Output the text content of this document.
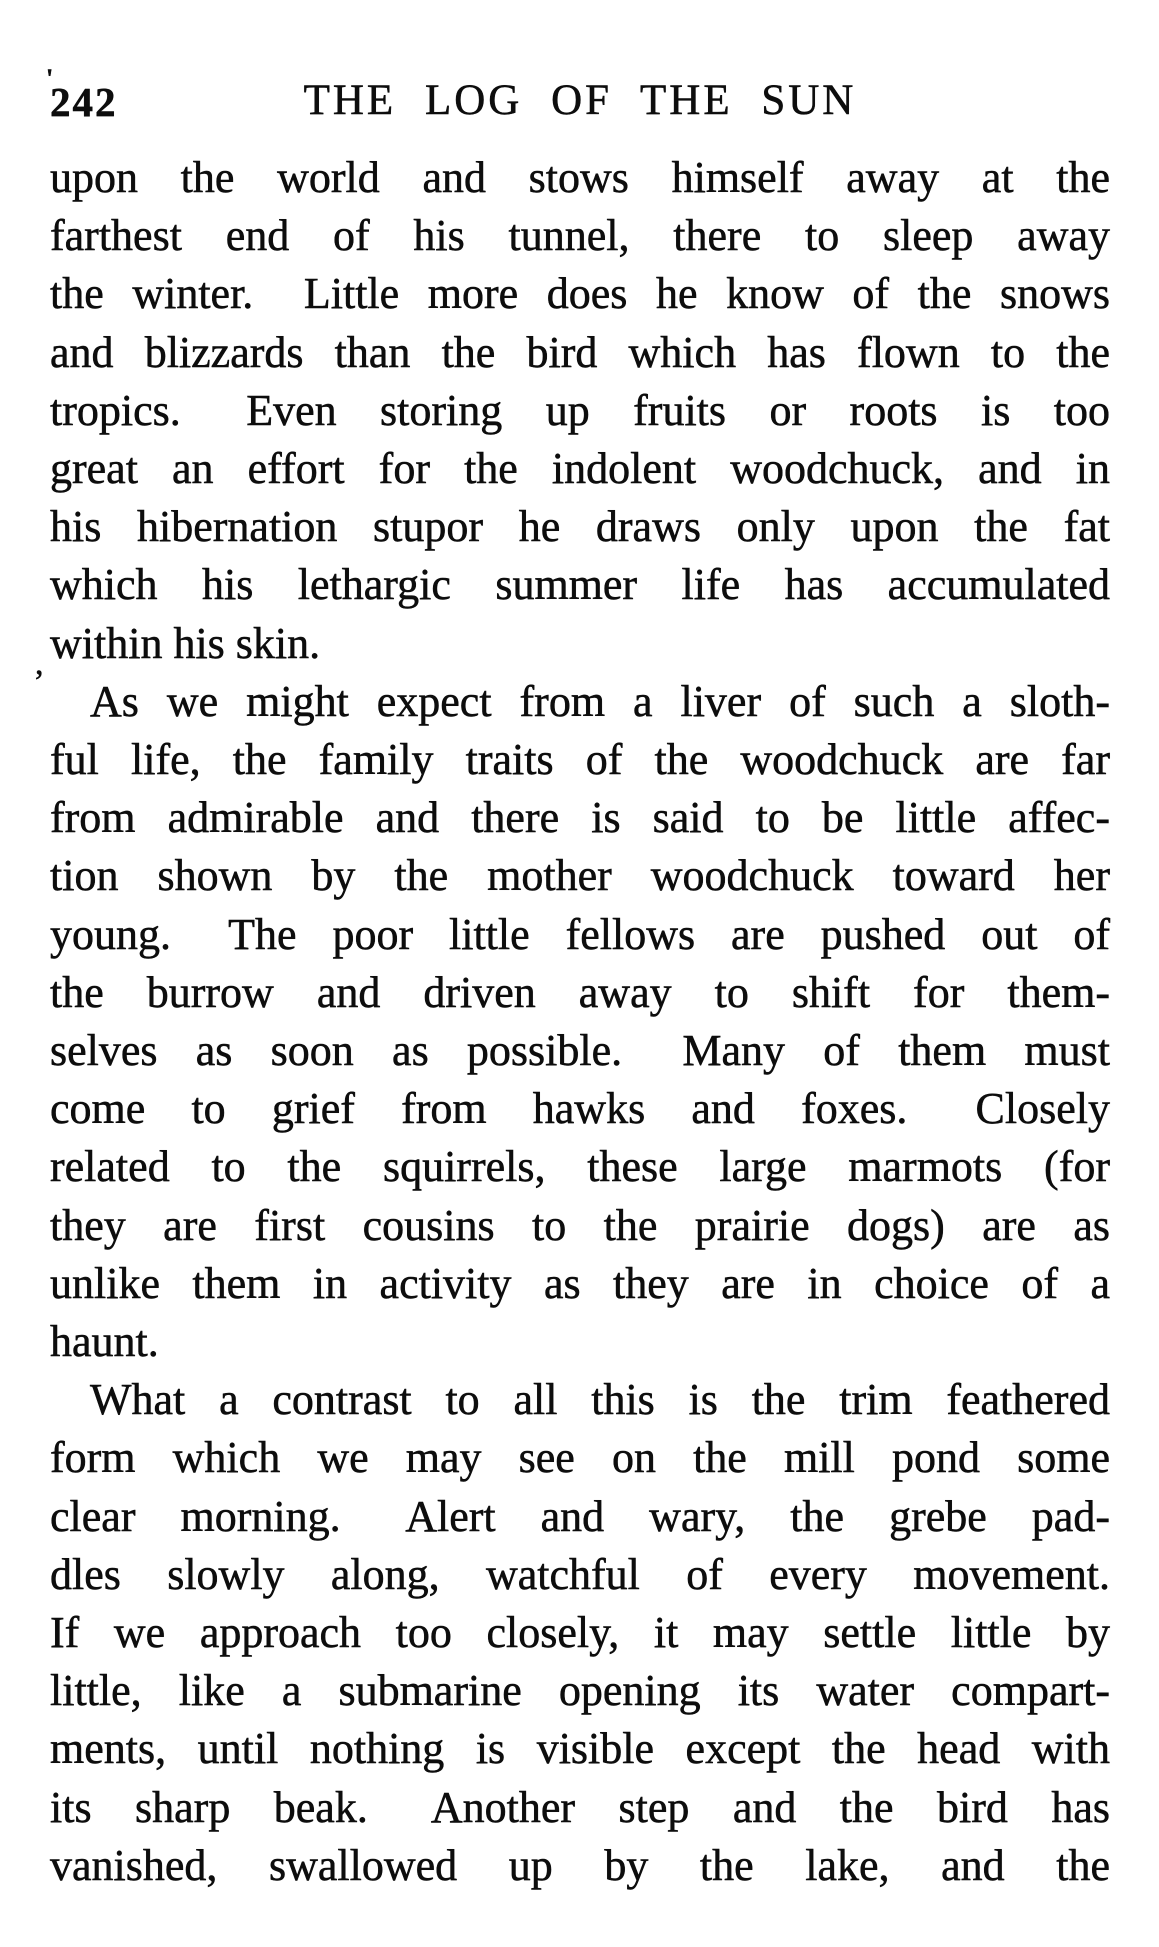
'
242	THE LOG OF THE SUN
upon the world and stows himself away at the
farthest end of his tunnel, there to sleep away
the winter.  Little more does he know of the snows
and blizzards than the bird which has flown to the
tropics.  Even storing up fruits or roots is too
great an effort for the indolent woodchuck, and in
his hibernation stupor he draws only upon the fat
which his lethargic summer life has accumulated
, within his skin.
As we might expect from a liver of such a sloth-
ful life, the family traits of the woodchuck are far
from admirable and there is said to be little affec-
tion shown by the mother woodchuck toward her
young.  The poor little fellows are pushed out of
the burrow and driven away to shift for them-
selves as soon as possible.  Many of them must
come to grief from hawks and foxes.  Closely
related to the squirrels, these large marmots (for
they are first cousins to the prairie dogs) are as
unlike them in activity as they are in choice of a
haunt.
What a contrast to all this is the trim feathered
form which we may see on the mill pond some
clear morning.  Alert and wary, the grebe pad-
dles slowly along, watchful of every movement.
If we approach too closely, it may settle little by
little, like a submarine opening its water compart-
ments, until nothing is visible except the head with
its sharp beak.  Another step and the bird has
vanished, swallowed up by the lake, and the
